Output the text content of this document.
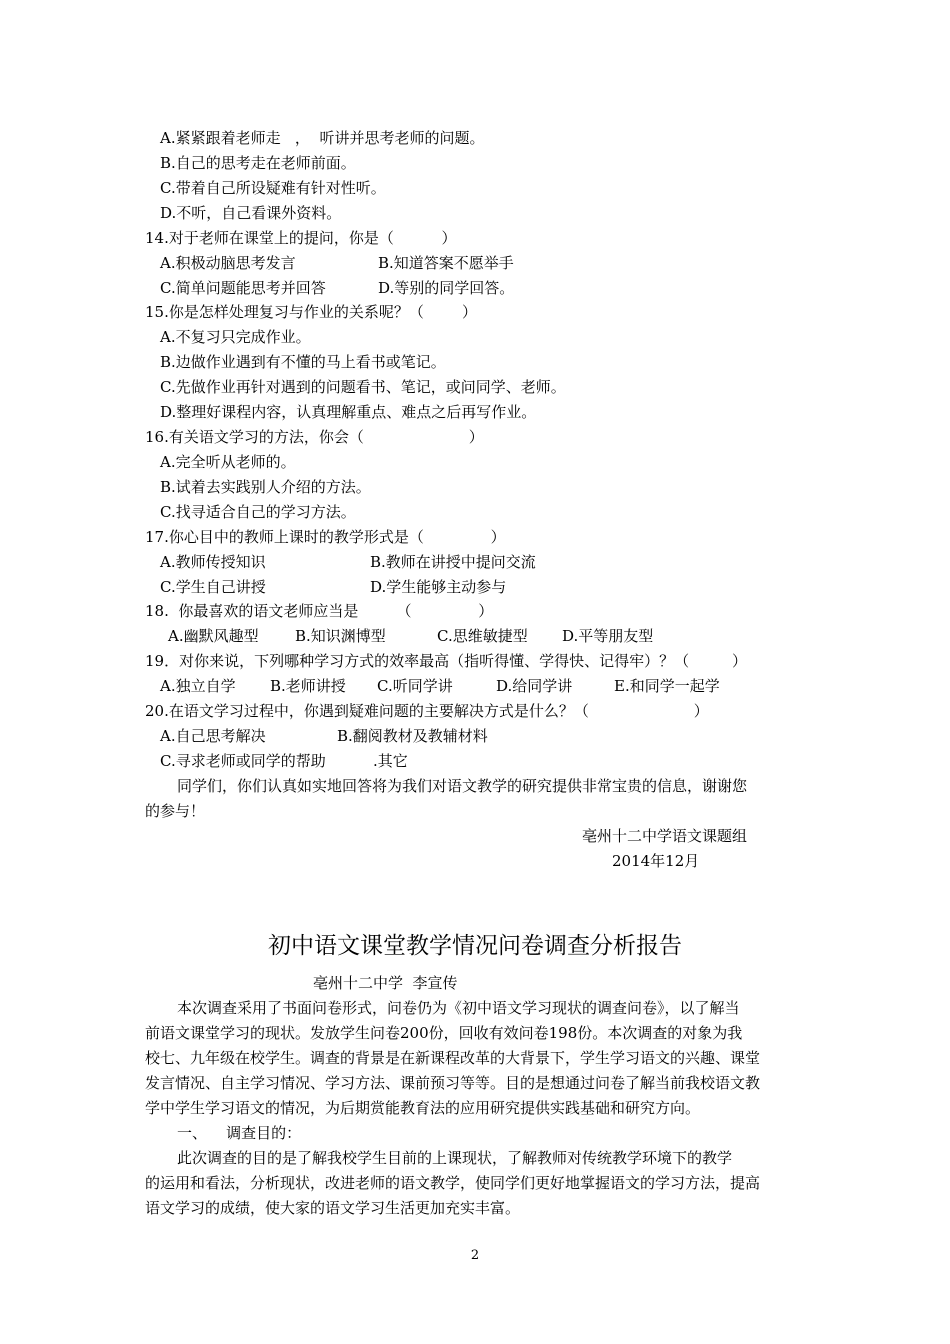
A.紧紧跟着老师走   ，  听讲并思考老师的问题。
B.自己的思考走在老师前面。
C.带着自己所设疑难有针对性听。
D.不听，自己看课外资料。
14.对于老师在课堂上的提问，你是（          ）
A.积极动脑思考发言	B.知道答案不愿举手
C.简单问题能思考并回答	D.等别的同学回答。
15.你是怎样处理复习与作业的关系呢？（        ）
A.不复习只完成作业。
B.边做作业遇到有不懂的马上看书或笔记。
C.先做作业再针对遇到的问题看书、笔记，或问同学、老师。
D.整理好课程内容，认真理解重点、难点之后再写作业。
16.有关语文学习的方法，你会（                      ）
A.完全听从老师的。
B.试着去实践别人介绍的方法。
C.找寻适合自己的学习方法。
17.你心目中的教师上课时的教学形式是（              ）
A.教师传授知识	B.教师在讲授中提问交流
C.学生自己讲授	D.学生能够主动参与
18.  你最喜欢的语文老师应当是        （              ）
A.幽默风趣型 B.知识渊博型	C.思维敏捷型 D.平等朋友型
19．对你来说，下列哪种学习方式的效率最高（指听得懂、学得快、记得牢）？（         ）
A.独立自学 B.老师讲授 C.听同学讲	D.给同学讲	E.和同学一起学
20.在语文学习过程中，你遇到疑难问题的主要解决方式是什么？（                      ）
A.自己思考解决	B.翻阅教材及教辅材料
C.寻求老师或同学的帮助	.其它
同学们，你们认真如实地回答将为我们对语文教学的研究提供非常宝贵的信息，谢谢您
的参与！
亳州十二中学语文课题组
2014年12月
初中语文课堂教学情况问卷调查分析报告
亳州十二中学  李宣传
本次调查采用了书面问卷形式，问卷仍为《初中语文学习现状的调查问卷》，以了解当
前语文课堂学习的现状。发放学生问卷200份，回收有效问卷198份。本次调查的对象为我
校七、九年级在校学生。调查的背景是在新课程改革的大背景下，学生学习语文的兴趣、课堂
发言情况、自主学习情况、学习方法、课前预习等等。目的是想通过问卷了解当前我校语文教
学中学生学习语文的情况，为后期赏能教育法的应用研究提供实践基础和研究方向。
一、    调查目的：
此次调查的目的是了解我校学生目前的上课现状，了解教师对传统教学环境下的教学
的运用和看法，分析现状，改进老师的语文教学，使同学们更好地掌握语文的学习方法，提高
语文学习的成绩，使大家的语文学习生活更加充实丰富。
2
